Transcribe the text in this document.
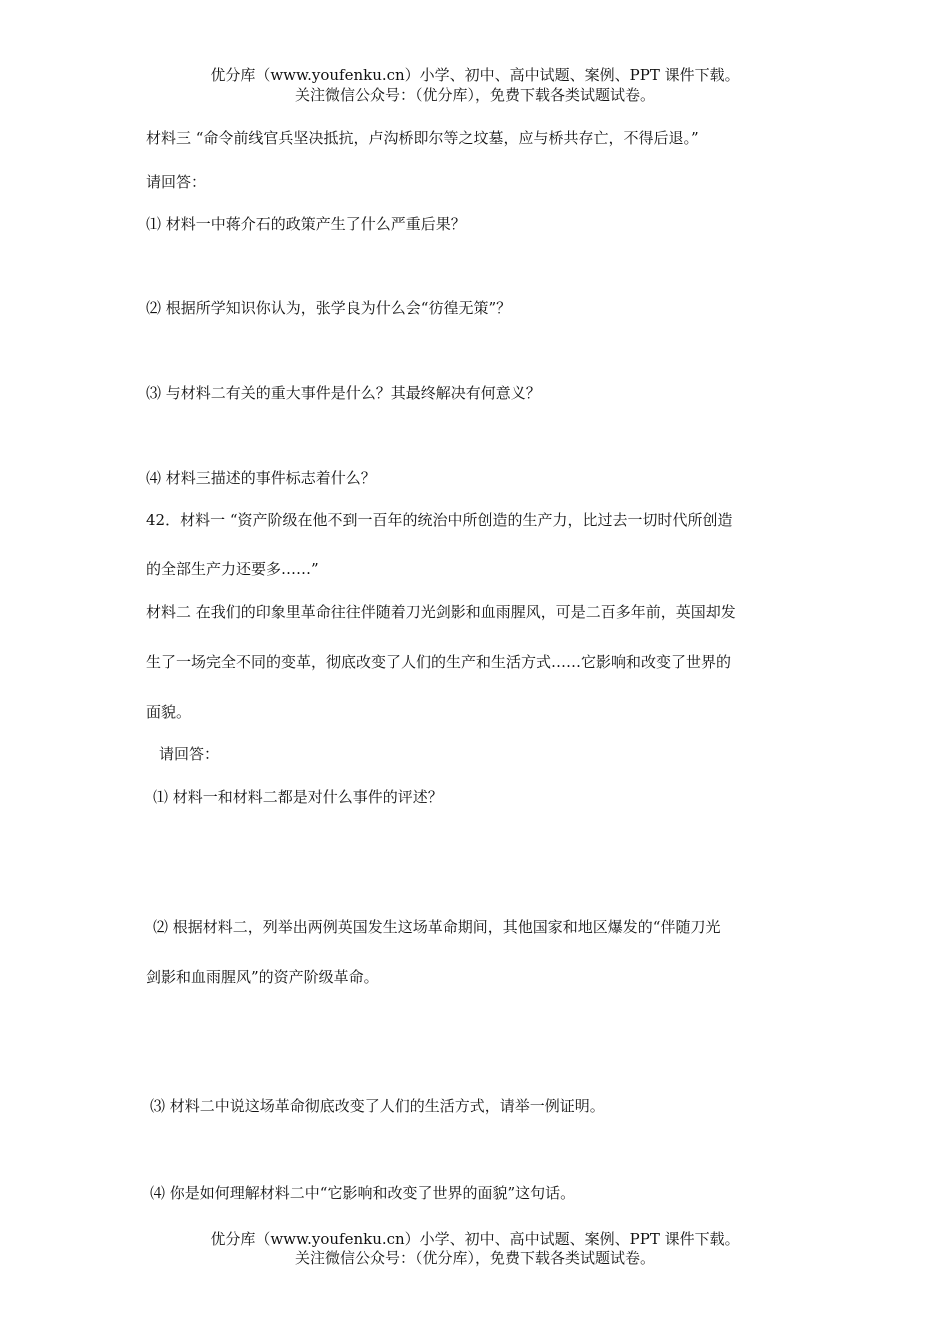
优分库（www.youfenku.cn）小学、初中、高中试题、案例、PPT 课件下载。
关注微信公众号：（优分库），免费下载各类试题试卷。
材料三 “命令前线官兵坚决抵抗，卢沟桥即尔等之坟墓，应与桥共存亡，不得后退。”
请回答：
⑴ 材料一中蒋介石的政策产生了什么严重后果？
⑵ 根据所学知识你认为，张学良为什么会“彷徨无策”？
⑶ 与材料二有关的重大事件是什么？其最终解决有何意义？
⑷ 材料三描述的事件标志着什么？
42．材料一 “资产阶级在他不到一百年的统治中所创造的生产力，比过去一切时代所创造
的全部生产力还要多……”
材料二 在我们的印象里革命往往伴随着刀光剑影和血雨腥风，可是二百多年前，英国却发
生了一场完全不同的变革，彻底改变了人们的生产和生活方式……它影响和改变了世界的
面貌。
请回答：
⑴ 材料一和材料二都是对什么事件的评述？
⑵ 根据材料二，列举出两例英国发生这场革命期间，其他国家和地区爆发的“伴随刀光
剑影和血雨腥风”的资产阶级革命。
⑶ 材料二中说这场革命彻底改变了人们的生活方式，请举一例证明。
⑷ 你是如何理解材料二中“它影响和改变了世界的面貌”这句话。
优分库（www.youfenku.cn）小学、初中、高中试题、案例、PPT 课件下载。
关注微信公众号：（优分库），免费下载各类试题试卷。
